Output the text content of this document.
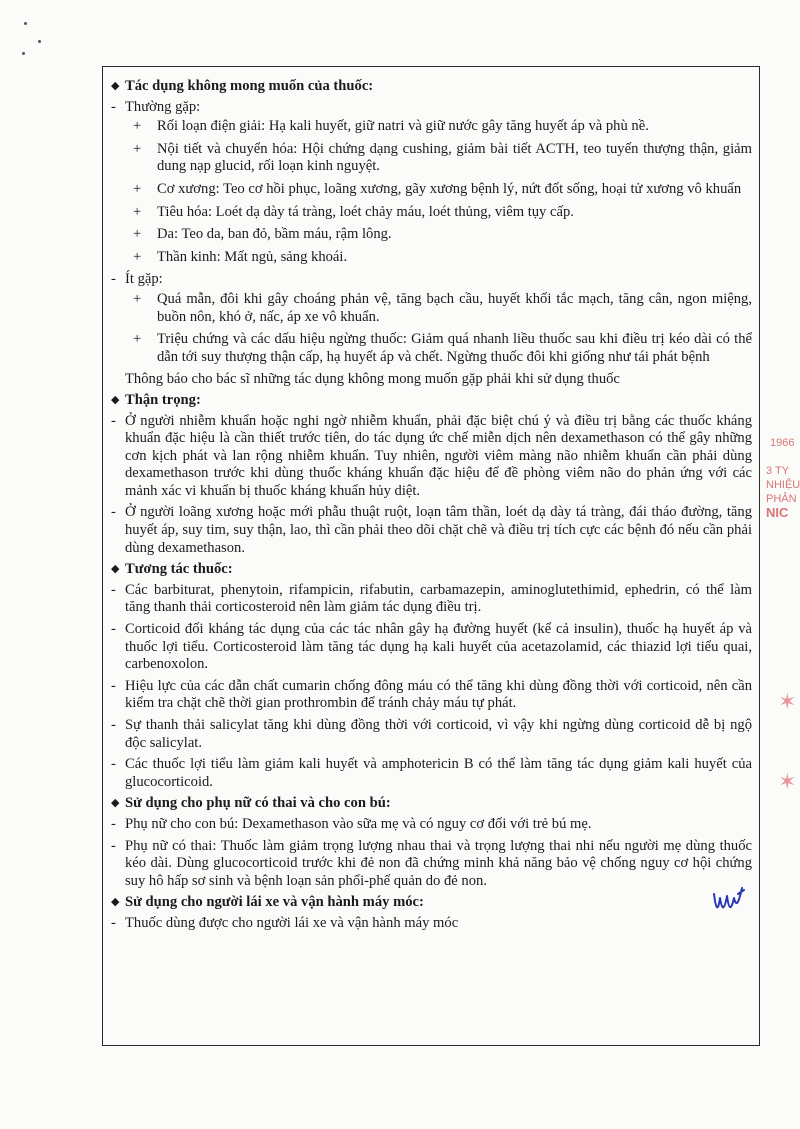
◆ Tác dụng không mong muốn của thuốc:
- Thường gặp:
+ Rối loạn điện giải: Hạ kali huyết, giữ natri và giữ nước gây tăng huyết áp và phù nề.
+ Nội tiết và chuyển hóa: Hội chứng dạng cushing, giảm bài tiết ACTH, teo tuyến thượng thận, giảm dung nạp glucid, rối loạn kinh nguyệt.
+ Cơ xương: Teo cơ hồi phục, loãng xương, gãy xương bệnh lý, nứt đốt sống, hoại tử xương vô khuẩn
+ Tiêu hóa: Loét dạ dày tá tràng, loét chảy máu, loét thủng, viêm tụy cấp.
+ Da: Teo da, ban đỏ, bầm máu, rậm lông.
+ Thần kinh: Mất ngủ, sảng khoái.
- Ít gặp:
+ Quá mẫn, đôi khi gây choáng phản vệ, tăng bạch cầu, huyết khối tắc mạch, tăng cân, ngon miệng, buồn nôn, khó ở, nấc, áp xe vô khuẩn.
+ Triệu chứng và các dấu hiệu ngừng thuốc: Giảm quá nhanh liều thuốc sau khi điều trị kéo dài có thể dẫn tới suy thượng thận cấp, hạ huyết áp và chết. Ngừng thuốc đôi khi giống như tái phát bệnh
Thông báo cho bác sĩ những tác dụng không mong muốn gặp phải khi sử dụng thuốc
◆ Thận trọng:
- Ở người nhiễm khuẩn hoặc nghi ngờ nhiễm khuẩn, phải đặc biệt chú ý và điều trị bằng các thuốc kháng khuẩn đặc hiệu là cần thiết trước tiên, do tác dụng ức chế miễn dịch nên dexamethason có thể gây những cơn kịch phát và lan rộng nhiễm khuẩn. Tuy nhiên, người viêm màng não nhiễm khuẩn cần phải dùng dexamethason trước khi dùng thuốc kháng khuẩn đặc hiệu để đề phòng viêm não do phản ứng với các mảnh xác vi khuẩn bị thuốc kháng khuẩn hủy diệt.
- Ở người loãng xương hoặc mới phẫu thuật ruột, loạn tâm thần, loét dạ dày tá tràng, đái tháo đường, tăng huyết áp, suy tim, suy thận, lao, thì cần phải theo dõi chặt chẽ và điều trị tích cực các bệnh đó nếu cần phải dùng dexamethason.
◆ Tương tác thuốc:
- Các barbiturat, phenytoin, rifampicin, rifabutin, carbamazepin, aminoglutethimid, ephedrin, có thể làm tăng thanh thải corticosteroid nên làm giảm tác dụng điều trị.
- Corticoid đối kháng tác dụng của các tác nhân gây hạ đường huyết (kể cả insulin), thuốc hạ huyết áp và thuốc lợi tiểu. Corticosteroid làm tăng tác dụng hạ kali huyết của acetazolamid, các thiazid lợi tiểu quai, carbenoxolon.
- Hiệu lực của các dẫn chất cumarin chống đông máu có thể tăng khi dùng đồng thời với corticoid, nên cần kiểm tra chặt chẽ thời gian prothrombin để tránh chảy máu tự phát.
- Sự thanh thải salicylat tăng khi dùng đồng thời với corticoid, vì vậy khi ngừng dùng corticoid dễ bị ngộ độc salicylat.
- Các thuốc lợi tiểu làm giảm kali huyết và amphotericin B có thể làm tăng tác dụng giảm kali huyết của glucocorticoid.
◆ Sử dụng cho phụ nữ có thai và cho con bú:
- Phụ nữ cho con bú: Dexamethason vào sữa mẹ và có nguy cơ đối với trẻ bú mẹ.
- Phụ nữ có thai: Thuốc làm giảm trọng lượng nhau thai và trọng lượng thai nhi nếu người mẹ dùng thuốc kéo dài. Dùng glucocorticoid trước khi đẻ non đã chứng minh khả năng bảo vệ chống nguy cơ hội chứng suy hô hấp sơ sinh và bệnh loạn sản phổi-phế quản do đẻ non.
◆ Sử dụng cho người lái xe và vận hành máy móc:
- Thuốc dùng được cho người lái xe và vận hành máy móc
1966
3 TY
NHIỆU
PHẢN
NIC
✶
✶
